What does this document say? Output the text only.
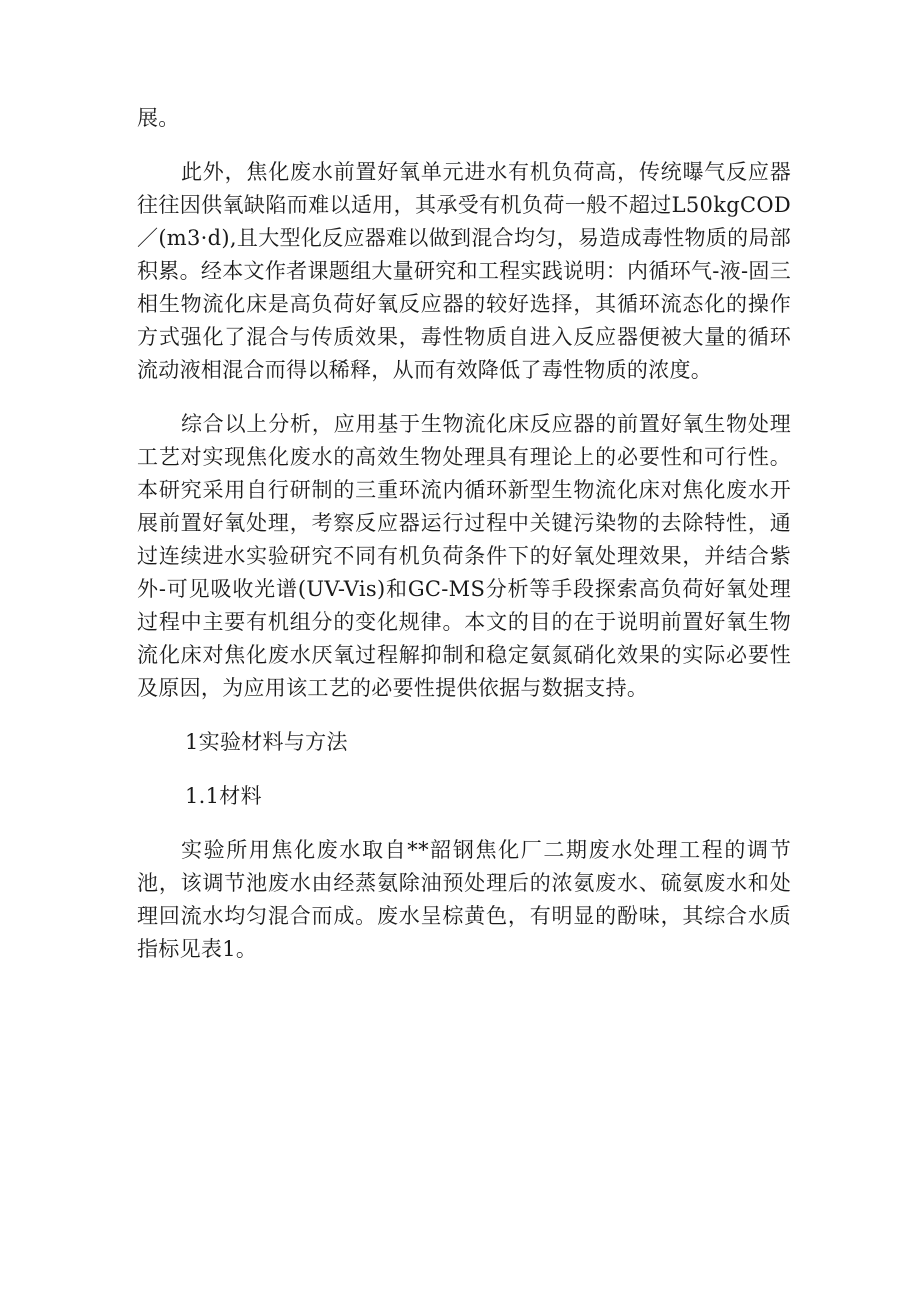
展。

此外，焦化废水前置好氧单元进水有机负荷高，传统曝气反应器往往因供氧缺陷而难以适用，其承受有机负荷一般不超过L50kgCOD／(m3·d),且大型化反应器难以做到混合均匀，易造成毒性物质的局部积累。经本文作者课题组大量研究和工程实践说明：内循环气-液-固三相生物流化床是高负荷好氧反应器的较好选择，其循环流态化的操作方式强化了混合与传质效果，毒性物质自进入反应器便被大量的循环流动液相混合而得以稀释，从而有效降低了毒性物质的浓度。

综合以上分析，应用基于生物流化床反应器的前置好氧生物处理工艺对实现焦化废水的高效生物处理具有理论上的必要性和可行性。本研究采用自行研制的三重环流内循环新型生物流化床对焦化废水开展前置好氧处理，考察反应器运行过程中关键污染物的去除特性，通过连续进水实验研究不同有机负荷条件下的好氧处理效果，并结合紫外-可见吸收光谱(UV-Vis)和GC-MS分析等手段探索高负荷好氧处理过程中主要有机组分的变化规律。本文的目的在于说明前置好氧生物流化床对焦化废水厌氧过程解抑制和稳定氨氮硝化效果的实际必要性及原因，为应用该工艺的必要性提供依据与数据支持。

1实验材料与方法

1.1材料

实验所用焦化废水取自**韶钢焦化厂二期废水处理工程的调节池，该调节池废水由经蒸氨除油预处理后的浓氨废水、硫氨废水和处理回流水均匀混合而成。废水呈棕黄色，有明显的酚味，其综合水质指标见表1。
